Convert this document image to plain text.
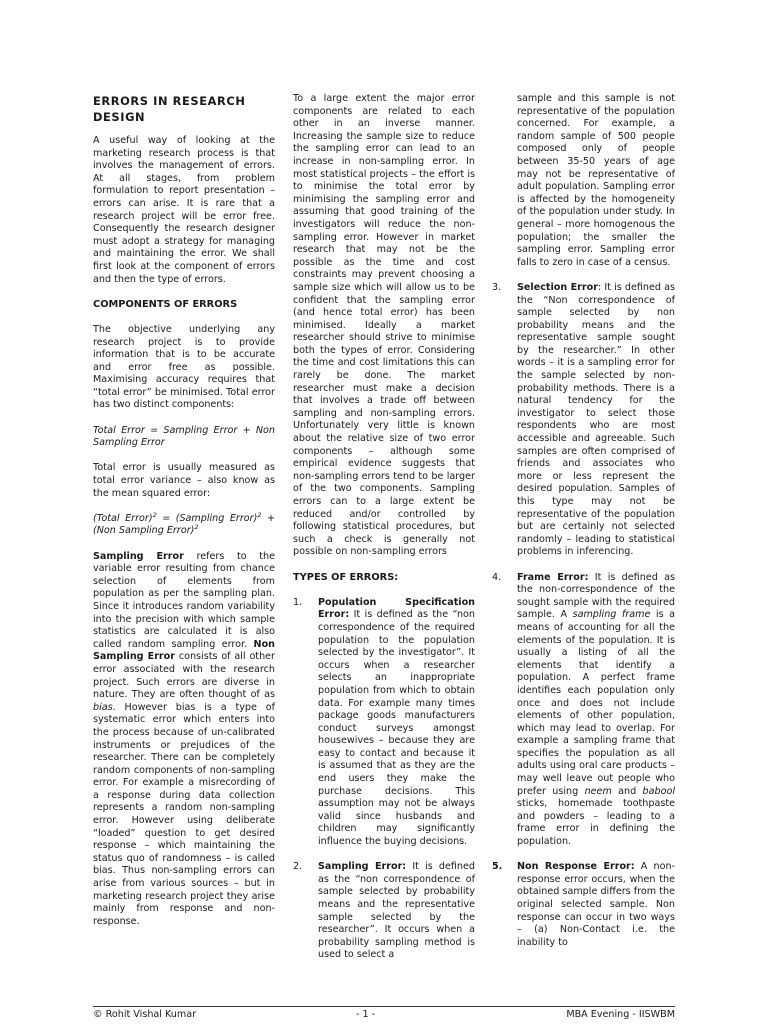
ERRORS IN RESEARCH DESIGN

A useful way of looking at the marketing research process is that involves the management of errors. At all stages, from problem formulation to report presentation – errors can arise. It is rare that a research project will be error free. Consequently the research designer must adopt a strategy for managing and maintaining the error. We shall first look at the component of errors and then the type of errors.

COMPONENTS OF ERRORS

The objective underlying any research project is to provide information that is to be accurate and error free as possible. Maximising accuracy requires that “total error” be minimised. Total error has two distinct components:

Total Error = Sampling Error + Non Sampling Error

Total error is usually measured as total error variance – also know as the mean squared error:

(Total Error)$^2$ = (Sampling Error)$^2$ + (Non Sampling Error)$^2$

Sampling Error refers to the variable error resulting from chance selection of elements from population as per the sampling plan. Since it introduces random variability into the precision with which sample statistics are calculated it is also called random sampling error. Non Sampling Error consists of all other error associated with the research project. Such errors are diverse in nature. They are often thought of as bias. However bias is a type of systematic error which enters into the process because of un-calibrated instruments or prejudices of the researcher. There can be completely random components of non-sampling error. For example a misrecording of a response during data collection represents a random non-sampling error. However using deliberate “loaded” question to get desired response – which maintaining the status quo of randomness – is called bias. Thus non-sampling errors can arise from various sources – but in marketing research project they arise mainly from response and non-response.

To a large extent the major error components are related to each other in an inverse manner. Increasing the sample size to reduce the sampling error can lead to an increase in non-sampling error. In most statistical projects – the effort is to minimise the total error by minimising the sampling error and assuming that good training of the investigators will reduce the non-sampling error. However in market research that may not be the possible as the time and cost constraints may prevent choosing a sample size which will allow us to be confident that the sampling error (and hence total error) has been minimised. Ideally a market researcher should strive to minimise both the types of error. Considering the time and cost limitations this can rarely be done. The market researcher must make a decision that involves a trade off between sampling and non-sampling errors. Unfortunately very little is known about the relative size of two error components – although some empirical evidence suggests that non-sampling errors tend to be larger of the two components. Sampling errors can to a large extent be reduced and/or controlled by following statistical procedures, but such a check is generally not possible on non-sampling errors

TYPES OF ERRORS:
1. Population Specification Error: It is defined as the “non correspondence of the required population to the population selected by the investigator”. It occurs when a researcher selects an inappropriate population from which to obtain data. For example many times package goods manufacturers conduct surveys amongst housewives – because they are easy to contact and because it is assumed that as they are the end users they make the purchase decisions. This assumption may not be always valid since husbands and children may significantly influence the buying decisions.
2. Sampling Error: It is defined as the “non correspondence of sample selected by probability means and the representative sample selected by the researcher”. It occurs when a probability sampling method is used to select a
sample and this sample is not representative of the population concerned. For example, a random sample of 500 people composed only of people between 35-50 years of age may not be representative of adult population. Sampling error is affected by the homogeneity of the population under study. In general – more homogenous the population; the smaller the sampling error. Sampling error falls to zero in case of a census.
3. Selection Error: It is defined as the “Non correspondence of sample selected by non probability means and the representative sample sought by the researcher.” In other words – it is a sampling error for the sample selected by non-probability methods. There is a natural tendency for the investigator to select those respondents who are most accessible and agreeable. Such samples are often comprised of friends and associates who more or less represent the desired population. Samples of this type may not be representative of the population but are certainly not selected randomly – leading to statistical problems in inferencing.
4. Frame Error: It is defined as the non-correspondence of the sought sample with the required sample. A sampling frame is a means of accounting for all the elements of the population. It is usually a listing of all the elements that identify a population. A perfect frame identifies each population only once and does not include elements of other population, which may lead to overlap. For example a sampling frame that specifies the population as all adults using oral care products – may well leave out people who prefer using neem and babool sticks, homemade toothpaste and powders – leading to a frame error in defining the population.
5. Non Response Error: A non-response error occurs, when the obtained sample differs from the original selected sample. Non response can occur in two ways – (a) Non-Contact i.e. the inability to
© Rohit Vishal Kumar	- 1 -	MBA Evening - IISWBM
